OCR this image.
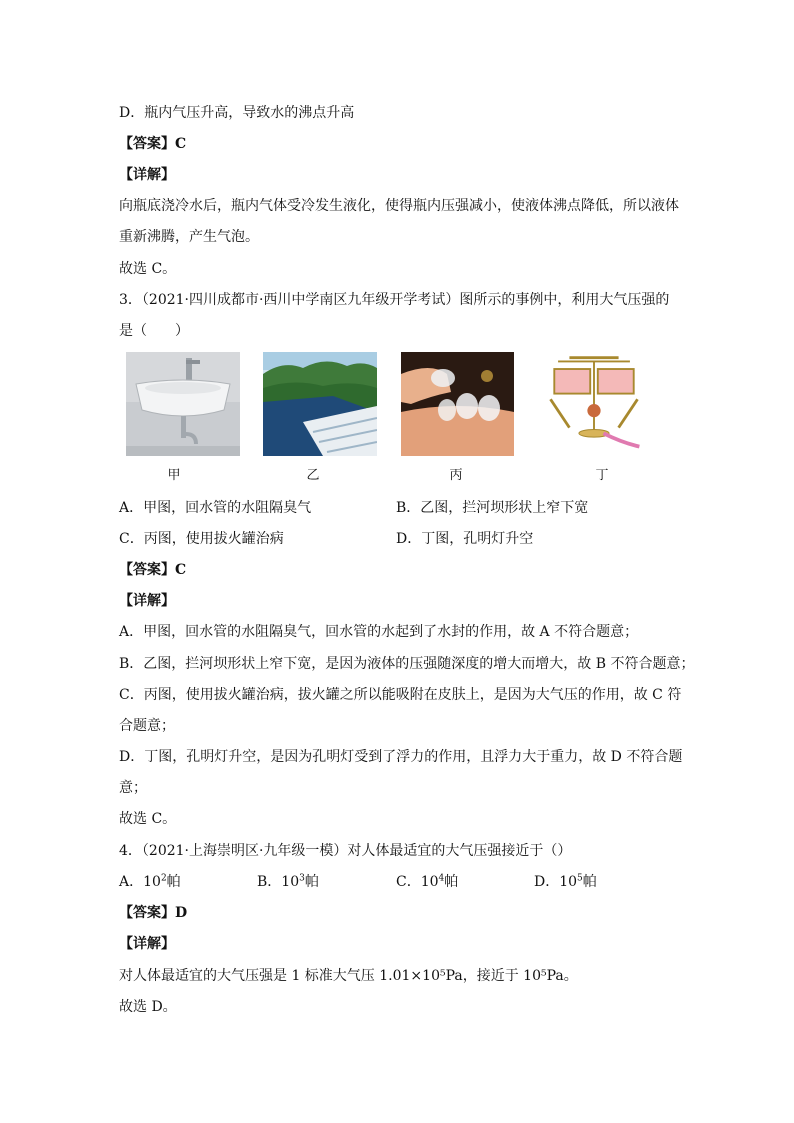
D．瓶内气压升高，导致水的沸点升高
【答案】C
【详解】
向瓶底浇冷水后，瓶内气体受冷发生液化，使得瓶内压强减小，使液体沸点降低，所以液体
重新沸腾，产生气泡。
故选 C。
3．（2021·四川成都市·西川中学南区九年级开学考试）图所示的事例中，利用大气压强的
是（　　）
甲	乙	丙	丁
A．甲图，回水管的水阻隔臭气	B．乙图，拦河坝形状上窄下宽
C．丙图，使用拔火罐治病	D．丁图，孔明灯升空
【答案】C
【详解】
A．甲图，回水管的水阻隔臭气，回水管的水起到了水封的作用，故 A 不符合题意；
B．乙图，拦河坝形状上窄下宽，是因为液体的压强随深度的增大而增大，故 B 不符合题意；
C．丙图，使用拔火罐治病，拔火罐之所以能吸附在皮肤上，是因为大气压的作用，故 C 符
合题意；
D．丁图，孔明灯升空，是因为孔明灯受到了浮力的作用，且浮力大于重力，故 D 不符合题
意；
故选 C。
4．（2021·上海崇明区·九年级一模）对人体最适宜的大气压强接近于（）
A．$10^2$帕	B．$10^3$帕	C．$10^4$帕	D．$10^5$帕
【答案】D
【详解】
对人体最适宜的大气压强是 1 标准大气压 1.01×10⁵Pa，接近于 10⁵Pa。
故选 D。
